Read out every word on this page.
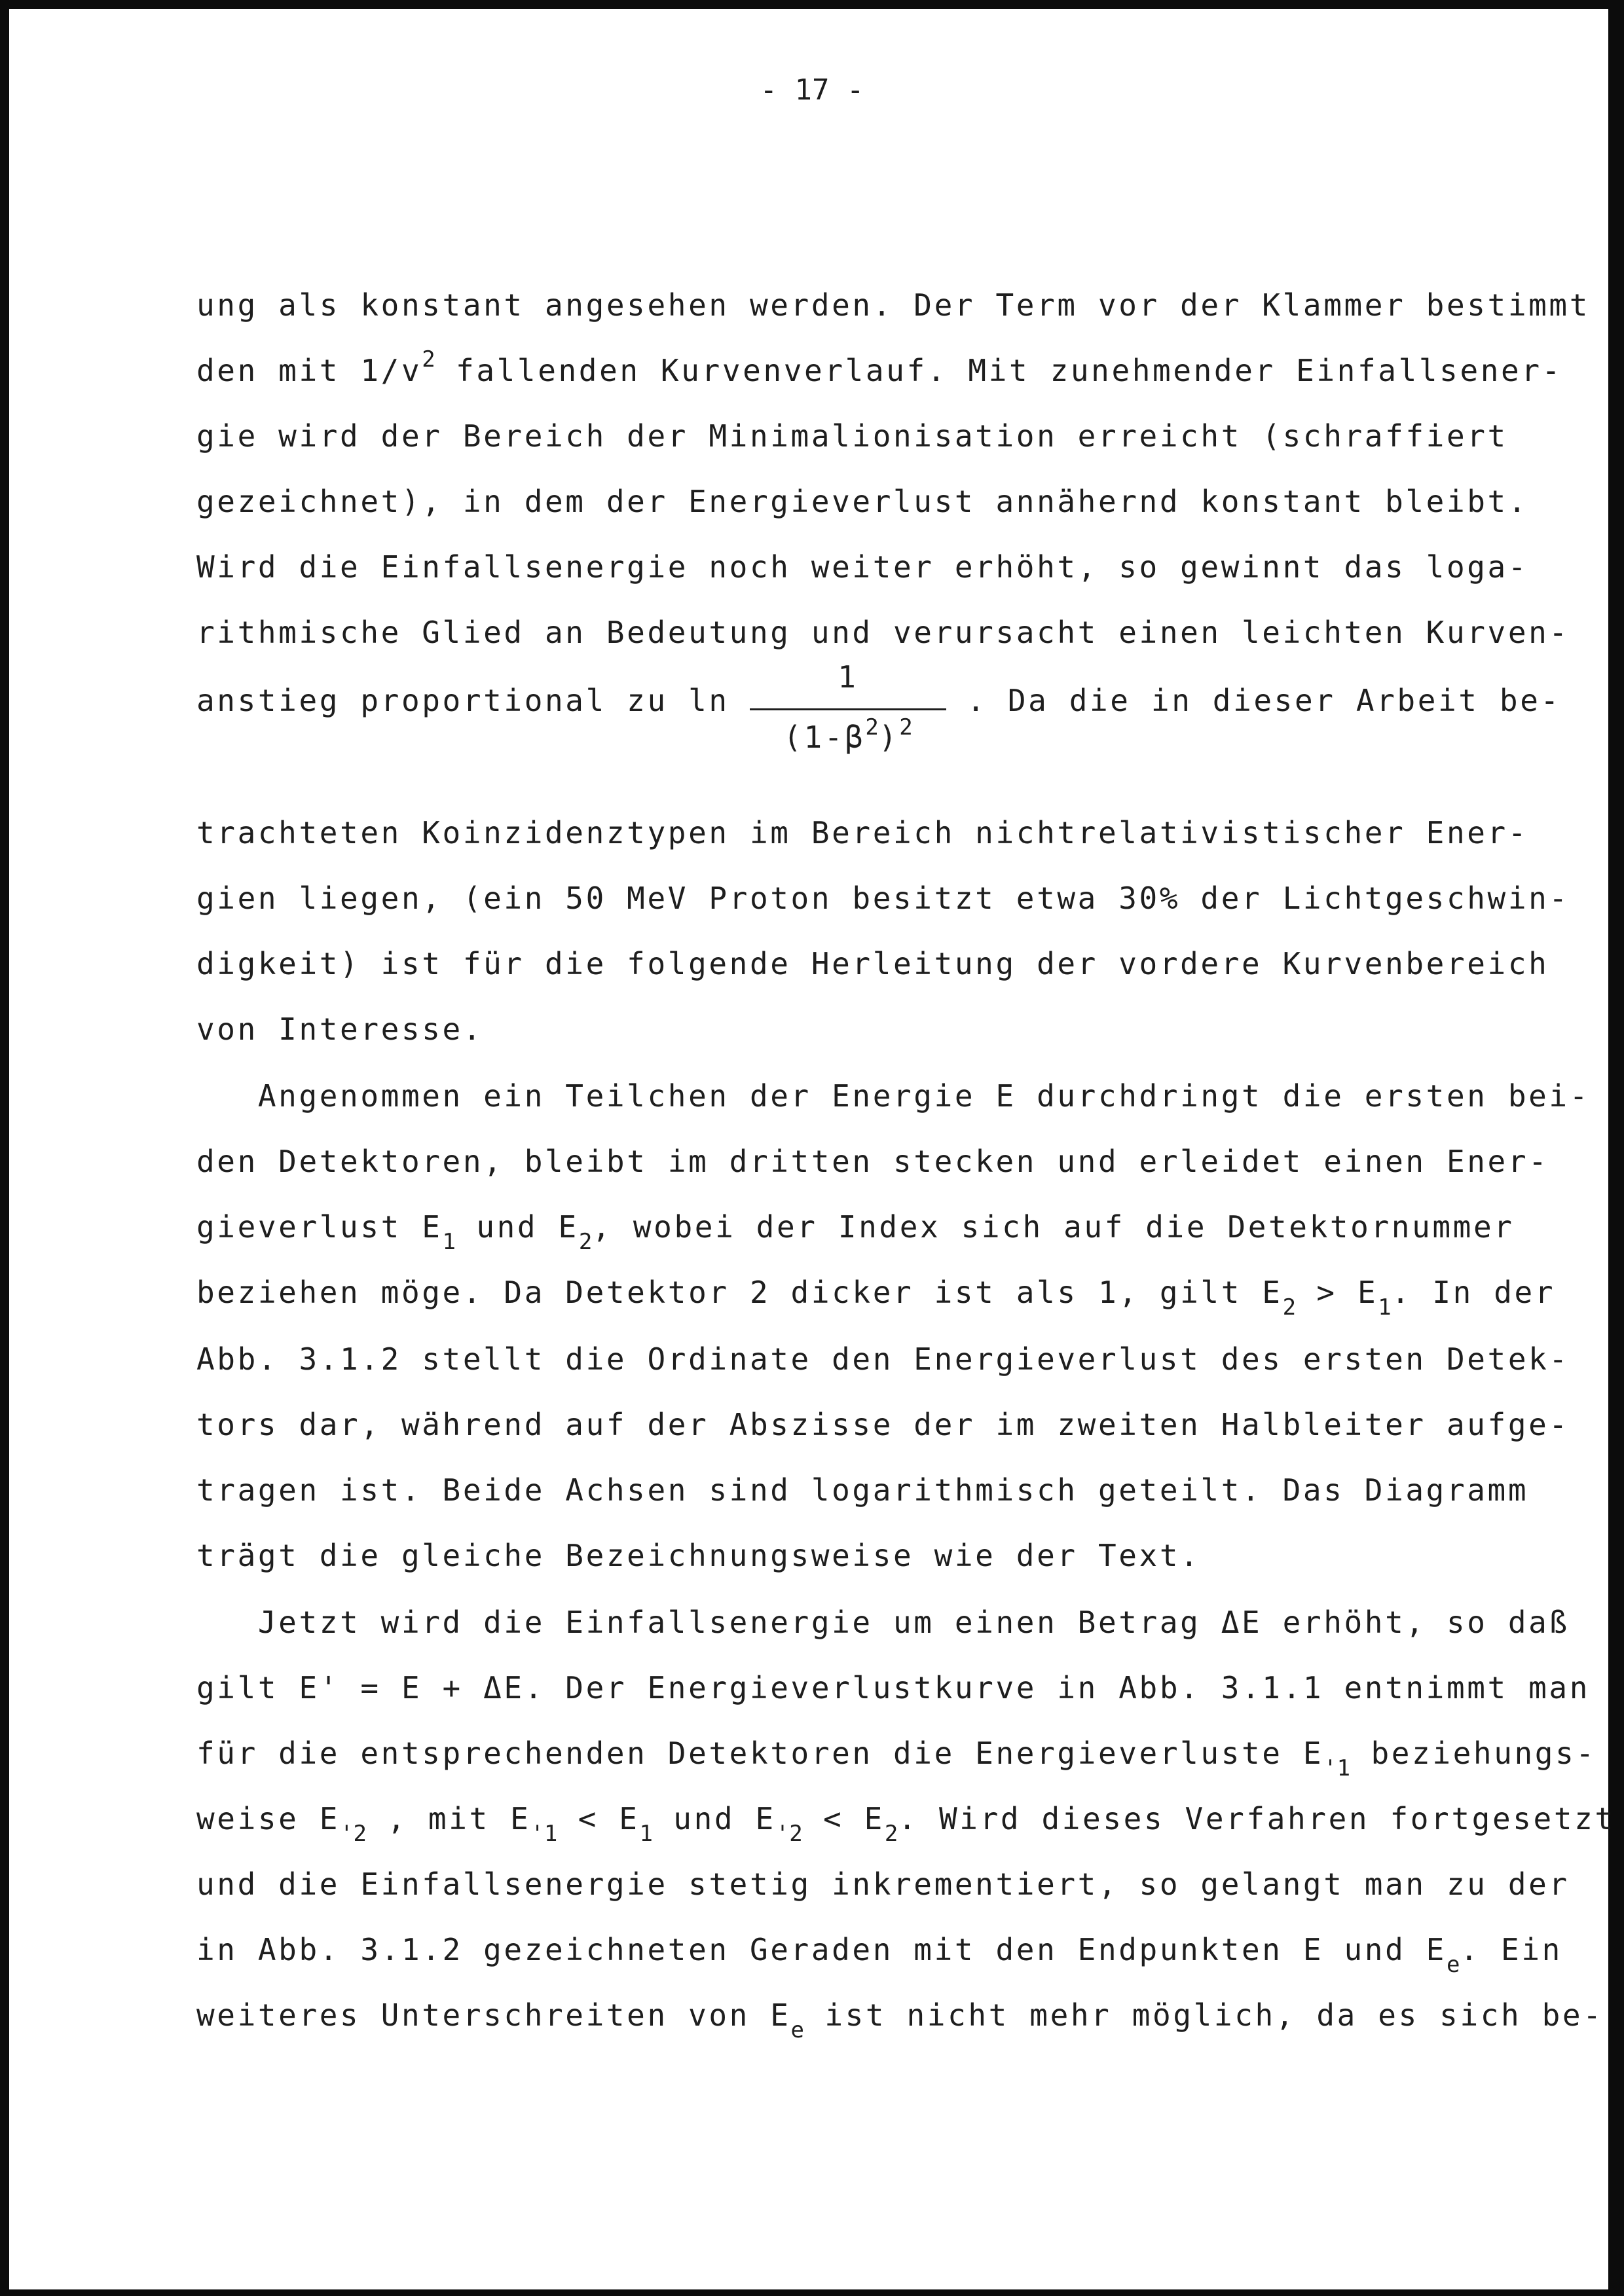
- 17 -
ung als konstant angesehen werden. Der Term vor der Klammer bestimmt
den mit $1/v^2$ fallenden Kurvenverlauf. Mit zunehmender Einfallsener-
gie wird der Bereich der Minimalionisation erreicht (schraffiert
gezeichnet), in dem der Energieverlust annähernd konstant bleibt.
Wird die Einfallsenergie noch weiter erhöht, so gewinnt das loga-
rithmische Glied an Bedeutung und verursacht einen leichten Kurven-
anstieg proportional zu $\ln \frac{1}{(1-\beta^2)^2}$ . Da die in dieser Arbeit be-
trachteten Koinzidenztypen im Bereich nichtrelativistischer Ener-
gien liegen, (ein 50 MeV Proton besitzt etwa 30% der Lichtgeschwin-
digkeit) ist für die folgende Herleitung der vordere Kurvenbereich
von Interesse.
Angenommen ein Teilchen der Energie E durchdringt die ersten bei-
den Detektoren, bleibt im dritten stecken und erleidet einen Ener-
gieverlust $E_1$ und $E_2$, wobei der Index sich auf die Detektornummer
beziehen möge. Da Detektor 2 dicker ist als 1, gilt $E_2 > E_1$. In der
Abb. 3.1.2 stellt die Ordinate den Energieverlust des ersten Detek-
tors dar, während auf der Abszisse der im zweiten Halbleiter aufge-
tragen ist. Beide Achsen sind logarithmisch geteilt. Das Diagramm
trägt die gleiche Bezeichnungsweise wie der Text.
Jetzt wird die Einfallsenergie um einen Betrag ΔE erhöht, so daß
gilt E' = E + ΔE. Der Energieverlustkurve in Abb. 3.1.1 entnimmt man
für die entsprechenden Detektoren die Energieverluste $E_{'1}$ beziehungs-
weise $E_{'2}$ , mit $E_{'1} < E_1$ und $E_{'2} < E_2$. Wird dieses Verfahren fortgesetzt
und die Einfallsenergie stetig inkrementiert, so gelangt man zu der
in Abb. 3.1.2 gezeichneten Geraden mit den Endpunkten E und $E_e$. Ein
weiteres Unterschreiten von $E_e$ ist nicht mehr möglich, da es sich be-
